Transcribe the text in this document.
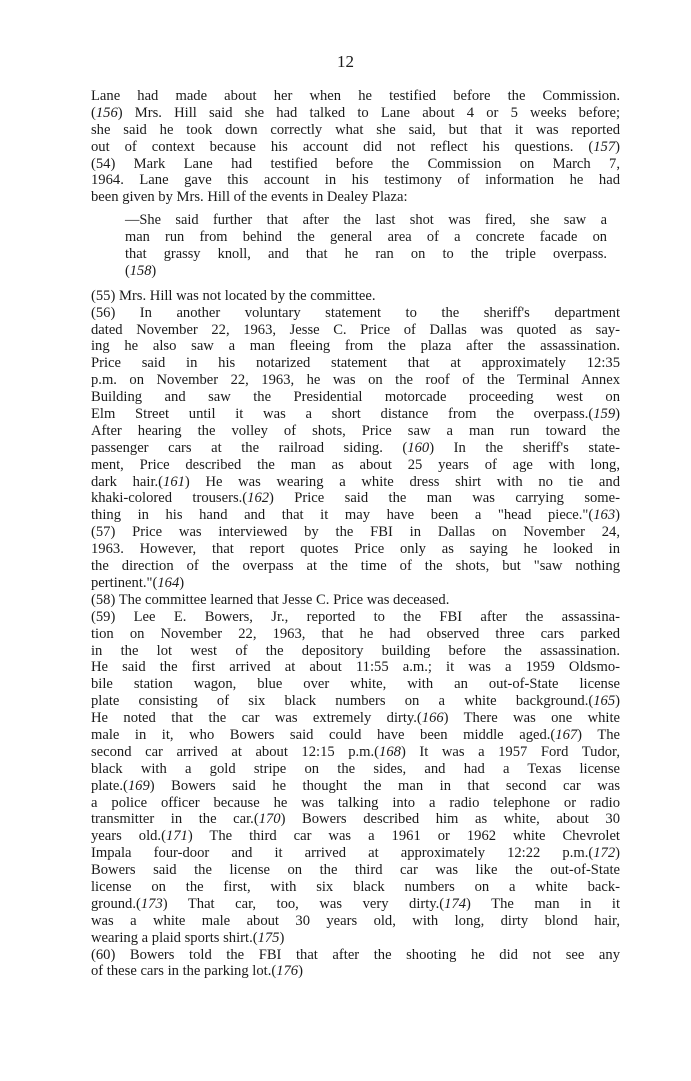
12
Lane had made about her when he testified before the Commission.
(156) Mrs. Hill said she had talked to Lane about 4 or 5 weeks before;
she said he took down correctly what she said, but that it was reported
out of context because his account did not reflect his questions. (157)
(54) Mark Lane had testified before the Commission on March 7,
1964. Lane gave this account in his testimony of information he had
been given by Mrs. Hill of the events in Dealey Plaza:
—She said further that after the last shot was fired, she saw a
man run from behind the general area of a concrete facade on
that grassy knoll, and that he ran on to the triple overpass.
(158)
(55) Mrs. Hill was not located by the committee.
(56) In another voluntary statement to the sheriff's department
dated November 22, 1963, Jesse C. Price of Dallas was quoted as say-
ing he also saw a man fleeing from the plaza after the assassination.
Price said in his notarized statement that at approximately 12:35
p.m. on November 22, 1963, he was on the roof of the Terminal Annex
Building and saw the Presidential motorcade proceeding west on
Elm Street until it was a short distance from the overpass.(159)
After hearing the volley of shots, Price saw a man run toward the
passenger cars at the railroad siding. (160) In the sheriff's state-
ment, Price described the man as about 25 years of age with long,
dark hair.(161) He was wearing a white dress shirt with no tie and
khaki-colored trousers.(162) Price said the man was carrying some-
thing in his hand and that it may have been a "head piece."(163)
(57) Price was interviewed by the FBI in Dallas on November 24,
1963. However, that report quotes Price only as saying he looked in
the direction of the overpass at the time of the shots, but "saw nothing
pertinent."(164)
(58) The committee learned that Jesse C. Price was deceased.
(59) Lee E. Bowers, Jr., reported to the FBI after the assassina-
tion on November 22, 1963, that he had observed three cars parked
in the lot west of the depository building before the assassination.
He said the first arrived at about 11:55 a.m.; it was a 1959 Oldsmo-
bile station wagon, blue over white, with an out-of-State license
plate consisting of six black numbers on a white background.(165)
He noted that the car was extremely dirty.(166) There was one white
male in it, who Bowers said could have been middle aged.(167) The
second car arrived at about 12:15 p.m.(168) It was a 1957 Ford Tudor,
black with a gold stripe on the sides, and had a Texas license
plate.(169) Bowers said he thought the man in that second car was
a police officer because he was talking into a radio telephone or radio
transmitter in the car.(170) Bowers described him as white, about 30
years old.(171) The third car was a 1961 or 1962 white Chevrolet
Impala four-door and it arrived at approximately 12:22 p.m.(172)
Bowers said the license on the third car was like the out-of-State
license on the first, with six black numbers on a white back-
ground.(173) That car, too, was very dirty.(174) The man in it
was a white male about 30 years old, with long, dirty blond hair,
wearing a plaid sports shirt.(175)
(60) Bowers told the FBI that after the shooting he did not see any
of these cars in the parking lot.(176)
